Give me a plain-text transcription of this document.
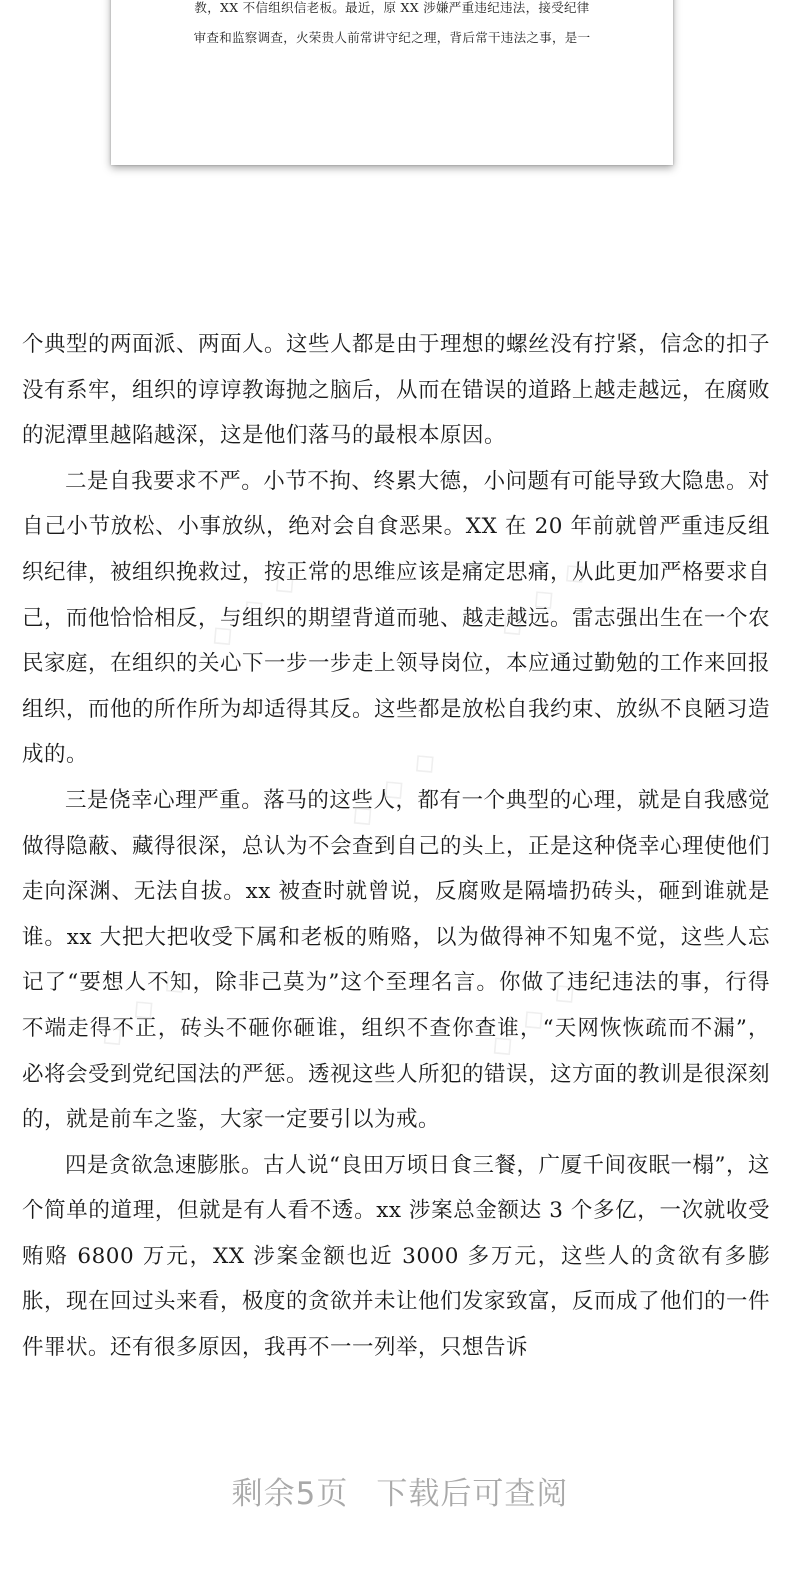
教，XX 不信组织信老板。最近，原 XX 涉嫌严重违纪违法，接受纪律
审查和监察调查，火荣贵人前常讲守纪之理，背后常干违法之事，是一

个典型的两面派、两面人。这些人都是由于理想的螺丝没有拧紧，信念的扣子没有系牢，组织的谆谆教诲抛之脑后，从而在错误的道路上越走越远，在腐败的泥潭里越陷越深，这是他们落马的最根本原因。

二是自我要求不严。小节不拘、终累大德，小问题有可能导致大隐患。对自己小节放松、小事放纵，绝对会自食恶果。XX 在 20 年前就曾严重违反组织纪律，被组织挽救过，按正常的思维应该是痛定思痛，从此更加严格要求自己，而他恰恰相反，与组织的期望背道而驰、越走越远。雷志强出生在一个农民家庭，在组织的关心下一步一步走上领导岗位，本应通过勤勉的工作来回报组织，而他的所作所为却适得其反。这些都是放松自我约束、放纵不良陋习造成的。

三是侥幸心理严重。落马的这些人，都有一个典型的心理，就是自我感觉做得隐蔽、藏得很深，总认为不会查到自己的头上，正是这种侥幸心理使他们走向深渊、无法自拔。xx 被查时就曾说，反腐败是隔墙扔砖头，砸到谁就是谁。xx 大把大把收受下属和老板的贿赂，以为做得神不知鬼不觉，这些人忘记了“要想人不知，除非己莫为”这个至理名言。你做了违纪违法的事，行得不端走得不正，砖头不砸你砸谁，组织不查你查谁，“天网恢恢疏而不漏”，必将会受到党纪国法的严惩。透视这些人所犯的错误，这方面的教训是很深刻的，就是前车之鉴，大家一定要引以为戒。

四是贪欲急速膨胀。古人说“良田万顷日食三餐，广厦千间夜眠一榻”，这个简单的道理，但就是有人看不透。xx 涉案总金额达 3 个多亿，一次就收受贿赂 6800 万元，XX 涉案金额也近 3000 多万元，这些人的贪欲有多膨胀，现在回过头来看，极度的贪欲并未让他们发家致富，反而成了他们的一件件罪状。还有很多原因，我再不一一列举，只想告诉

◇ ◇ ◇	◇ ◇ ◇
◇ ◇ ◇
◇ ◇ ◇	◇ ◇ ◇
剩余5页 下载后可查阅
